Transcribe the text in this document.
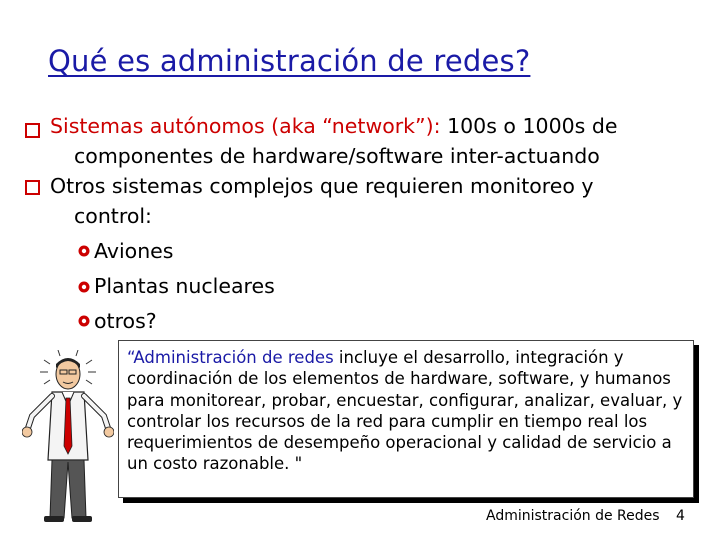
Qué es administración de redes?
Sistemas autónomos (aka “network”): 100s o 1000s de
componentes de hardware/software inter-actuando
Otros sistemas complejos que requieren monitoreo y
control:
Aviones
Plantas nucleares
otros?
“Administración de redes incluye el desarrollo, integración y coordinación de los elementos de hardware, software, y humanos para monitorear, probar, encuestar, configurar, analizar, evaluar, y controlar los recursos de la red para cumplir en tiempo real los requerimientos de desempeño operacional y calidad de servicio a un costo razonable. "
Administración de Redes 4
